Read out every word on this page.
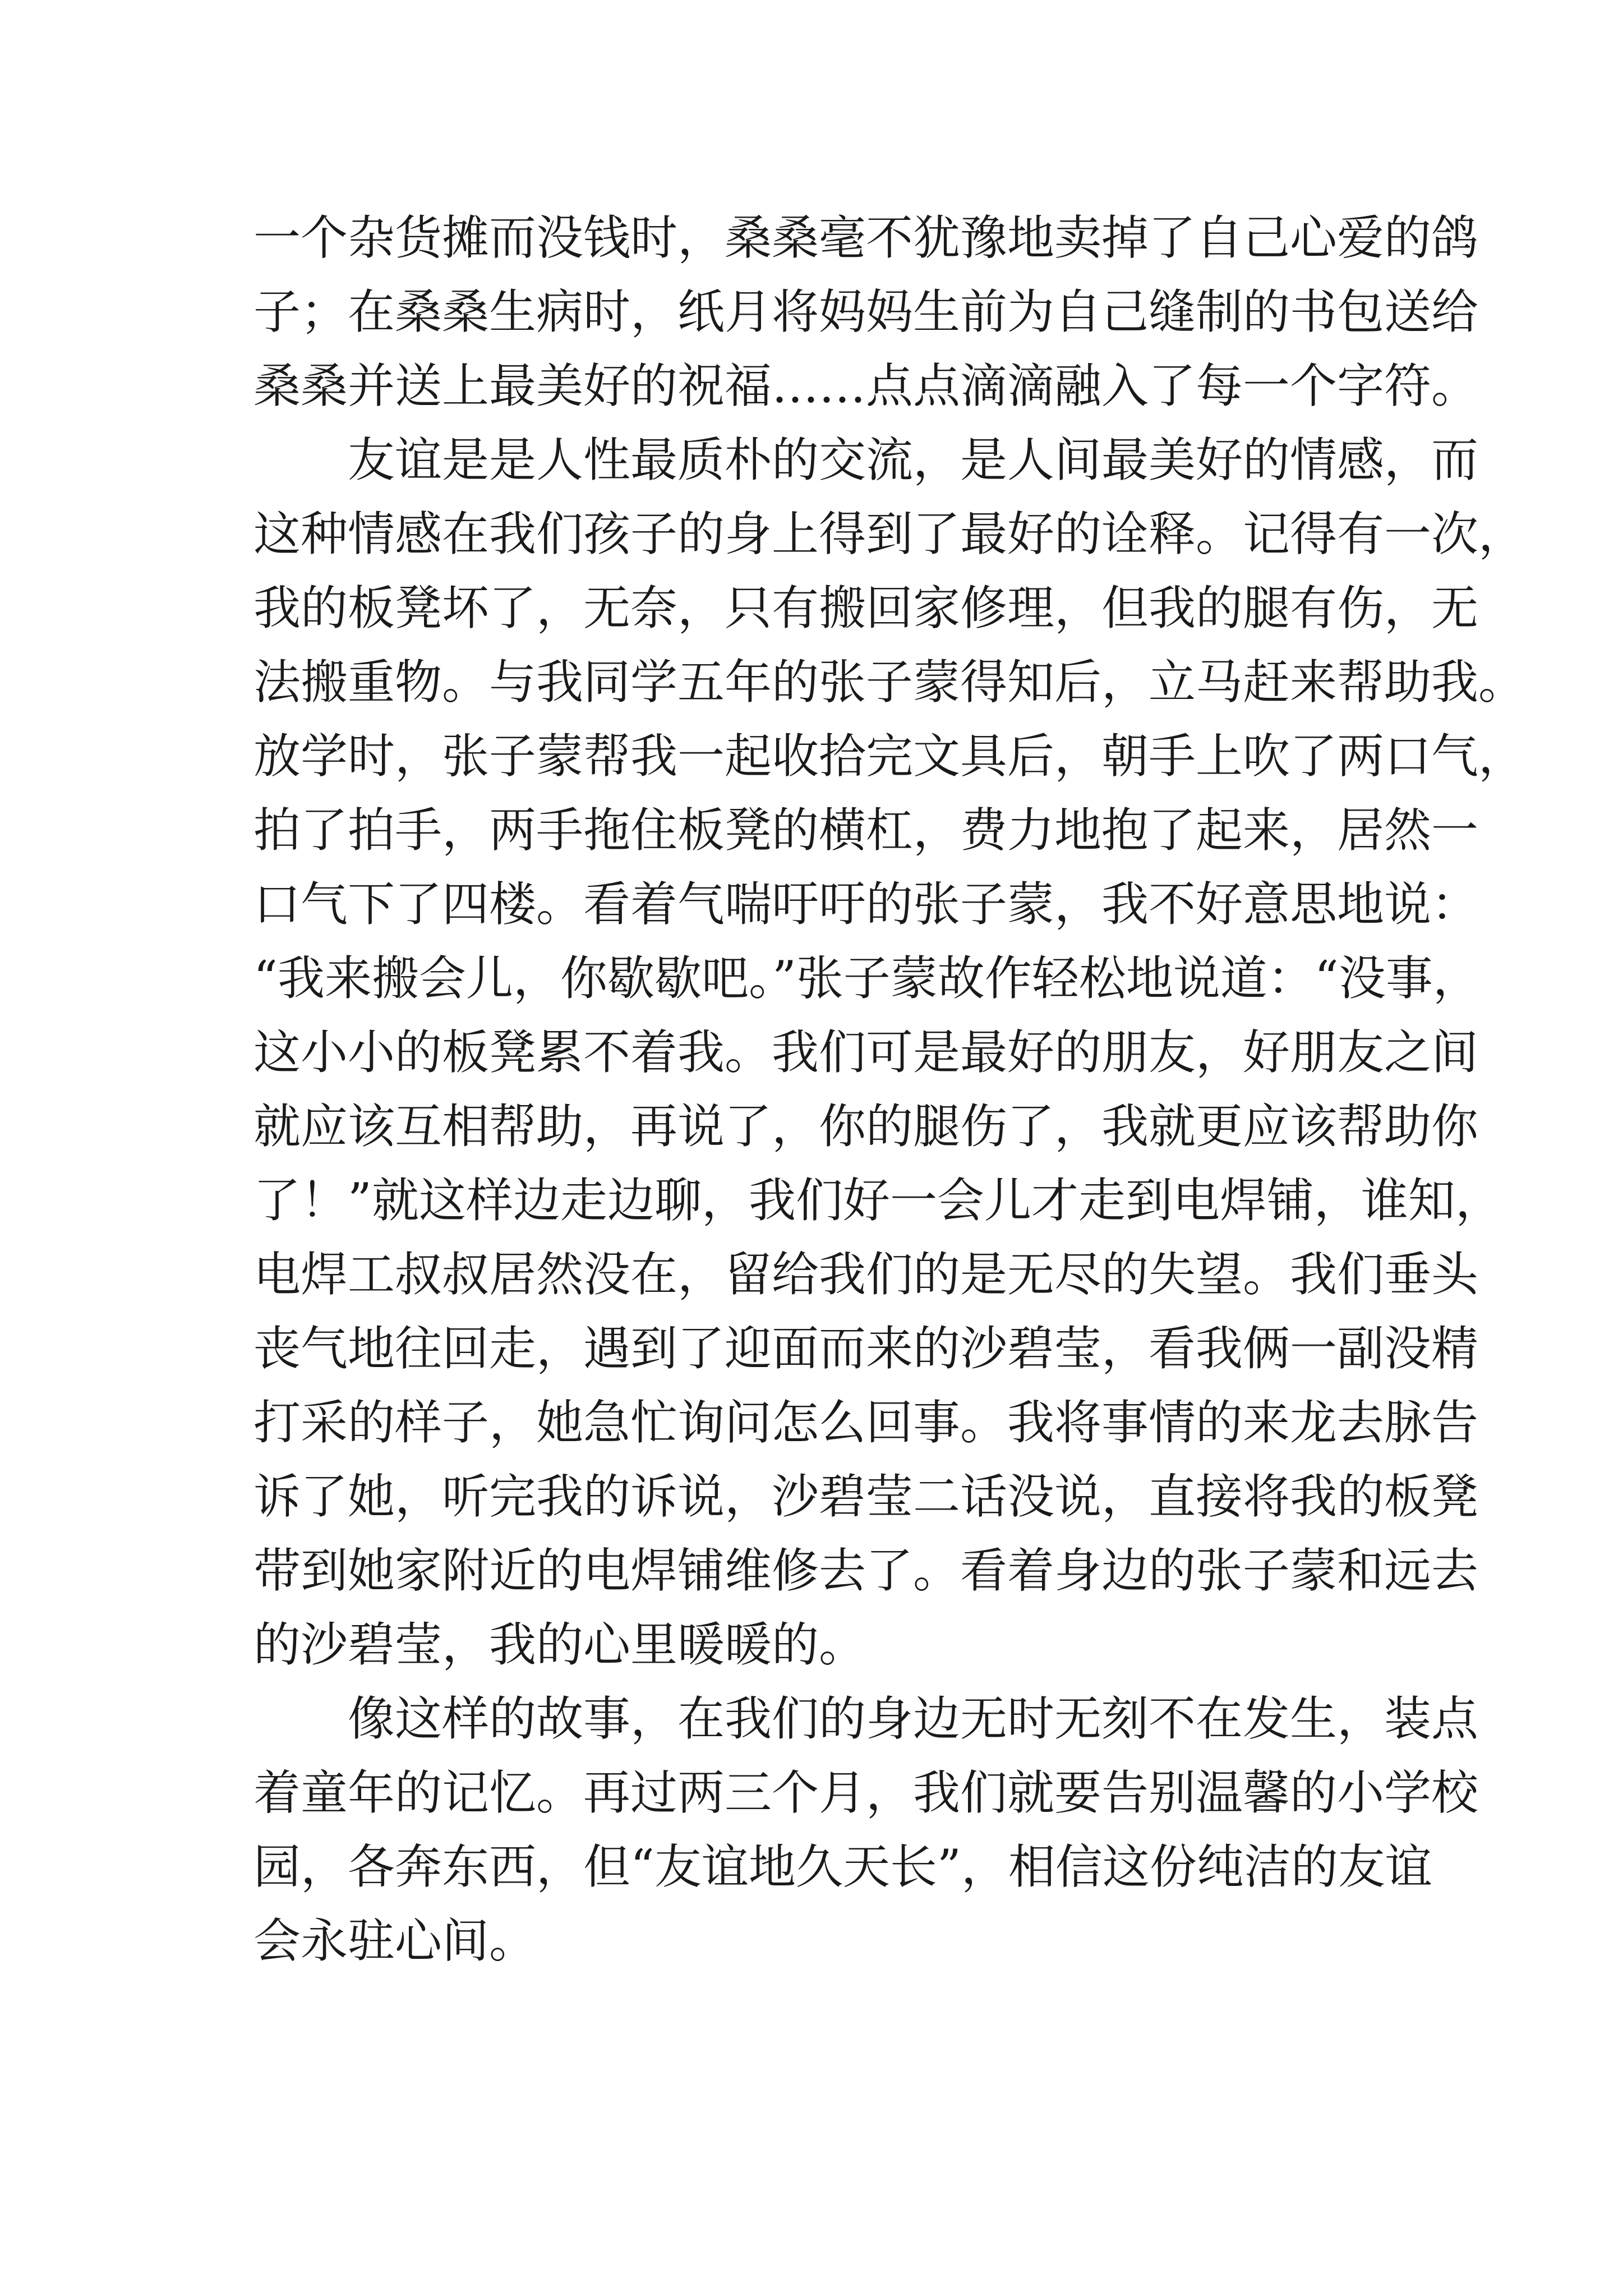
一个杂货摊而没钱时，桑桑毫不犹豫地卖掉了自己心爱的鸽
子；在桑桑生病时，纸月将妈妈生前为自己缝制的书包送给
桑桑并送上最美好的祝福……点点滴滴融入了每一个字符。
友谊是是人性最质朴的交流，是人间最美好的情感，而
这种情感在我们孩子的身上得到了最好的诠释。记得有一次，
我的板凳坏了，无奈，只有搬回家修理，但我的腿有伤，无
法搬重物。与我同学五年的张子蒙得知后，立马赶来帮助我。
放学时，张子蒙帮我一起收拾完文具后，朝手上吹了两口气，
拍了拍手，两手拖住板凳的横杠，费力地抱了起来，居然一
口气下了四楼。看着气喘吁吁的张子蒙，我不好意思地说：
“我来搬会儿，你歇歇吧。”张子蒙故作轻松地说道：“没事，
这小小的板凳累不着我。我们可是最好的朋友，好朋友之间
就应该互相帮助，再说了，你的腿伤了，我就更应该帮助你
了！”就这样边走边聊，我们好一会儿才走到电焊铺，谁知，
电焊工叔叔居然没在，留给我们的是无尽的失望。我们垂头
丧气地往回走，遇到了迎面而来的沙碧莹，看我俩一副没精
打采的样子，她急忙询问怎么回事。我将事情的来龙去脉告
诉了她，听完我的诉说，沙碧莹二话没说，直接将我的板凳
带到她家附近的电焊铺维修去了。看着身边的张子蒙和远去
的沙碧莹，我的心里暖暖的。
像这样的故事，在我们的身边无时无刻不在发生，装点
着童年的记忆。再过两三个月，我们就要告别温馨的小学校
园，各奔东西，但“友谊地久天长”，相信这份纯洁的友谊
会永驻心间。
